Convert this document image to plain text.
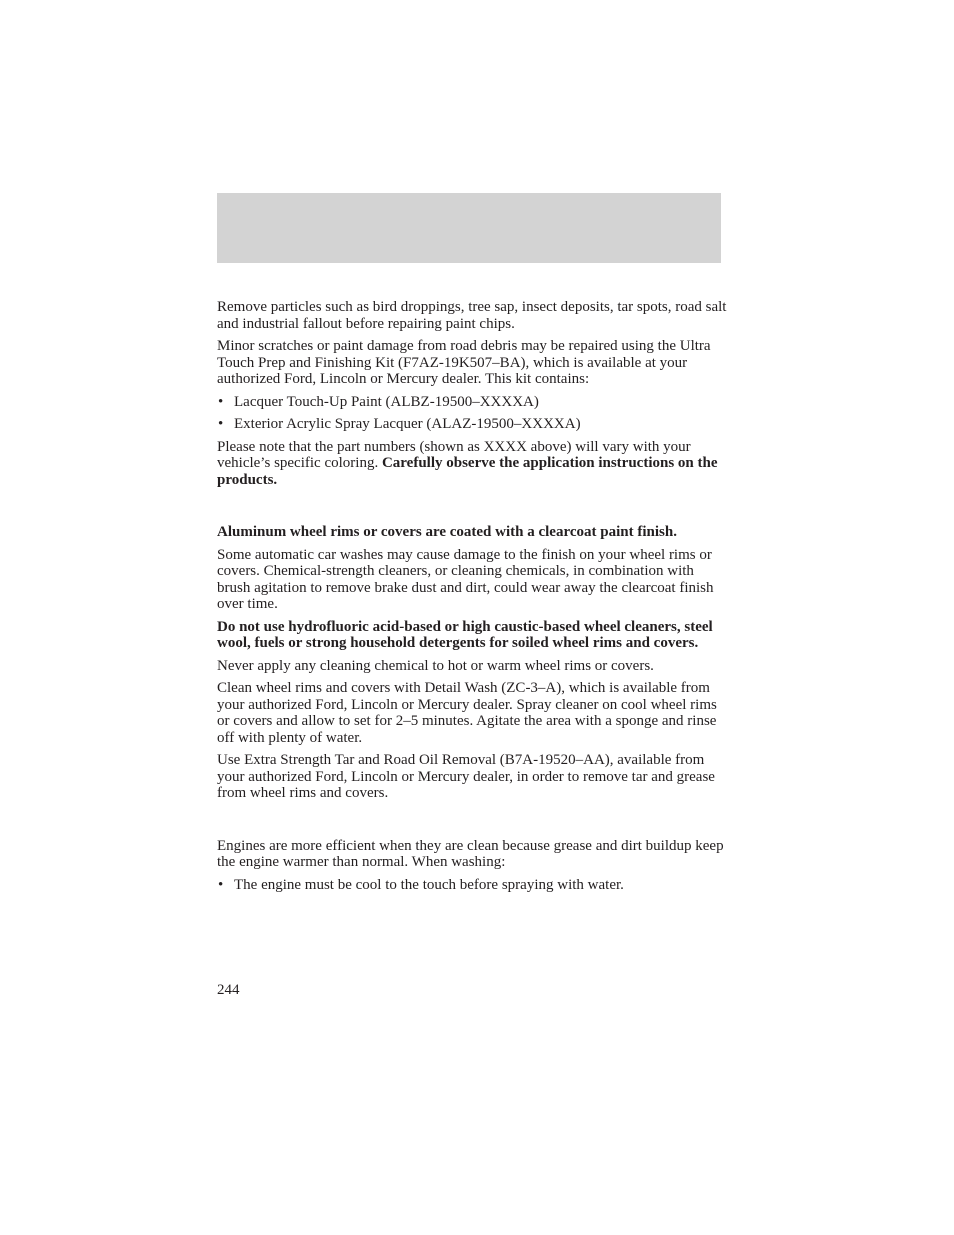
Remove particles such as bird droppings, tree sap, insect deposits, tar spots, road salt and industrial fallout before repairing paint chips.

Minor scratches or paint damage from road debris may be repaired using the Ultra Touch Prep and Finishing Kit (F7AZ-19K507–BA), which is available at your authorized Ford, Lincoln or Mercury dealer. This kit contains:

• Lacquer Touch-Up Paint (ALBZ-19500–XXXXA)
• Exterior Acrylic Spray Lacquer (ALAZ-19500–XXXXA)

Please note that the part numbers (shown as XXXX above) will vary with your vehicle’s specific coloring. Carefully observe the application instructions on the products.

Aluminum wheel rims or covers are coated with a clearcoat paint finish.

Some automatic car washes may cause damage to the finish on your wheel rims or covers. Chemical-strength cleaners, or cleaning chemicals, in combination with brush agitation to remove brake dust and dirt, could wear away the clearcoat finish over time.

Do not use hydrofluoric acid-based or high caustic-based wheel cleaners, steel wool, fuels or strong household detergents for soiled wheel rims and covers.

Never apply any cleaning chemical to hot or warm wheel rims or covers.

Clean wheel rims and covers with Detail Wash (ZC-3–A), which is available from your authorized Ford, Lincoln or Mercury dealer. Spray cleaner on cool wheel rims or covers and allow to set for 2–5 minutes. Agitate the area with a sponge and rinse off with plenty of water.

Use Extra Strength Tar and Road Oil Removal (B7A-19520–AA), available from your authorized Ford, Lincoln or Mercury dealer, in order to remove tar and grease from wheel rims and covers.

Engines are more efficient when they are clean because grease and dirt buildup keep the engine warmer than normal. When washing:

• The engine must be cool to the touch before spraying with water.
244
